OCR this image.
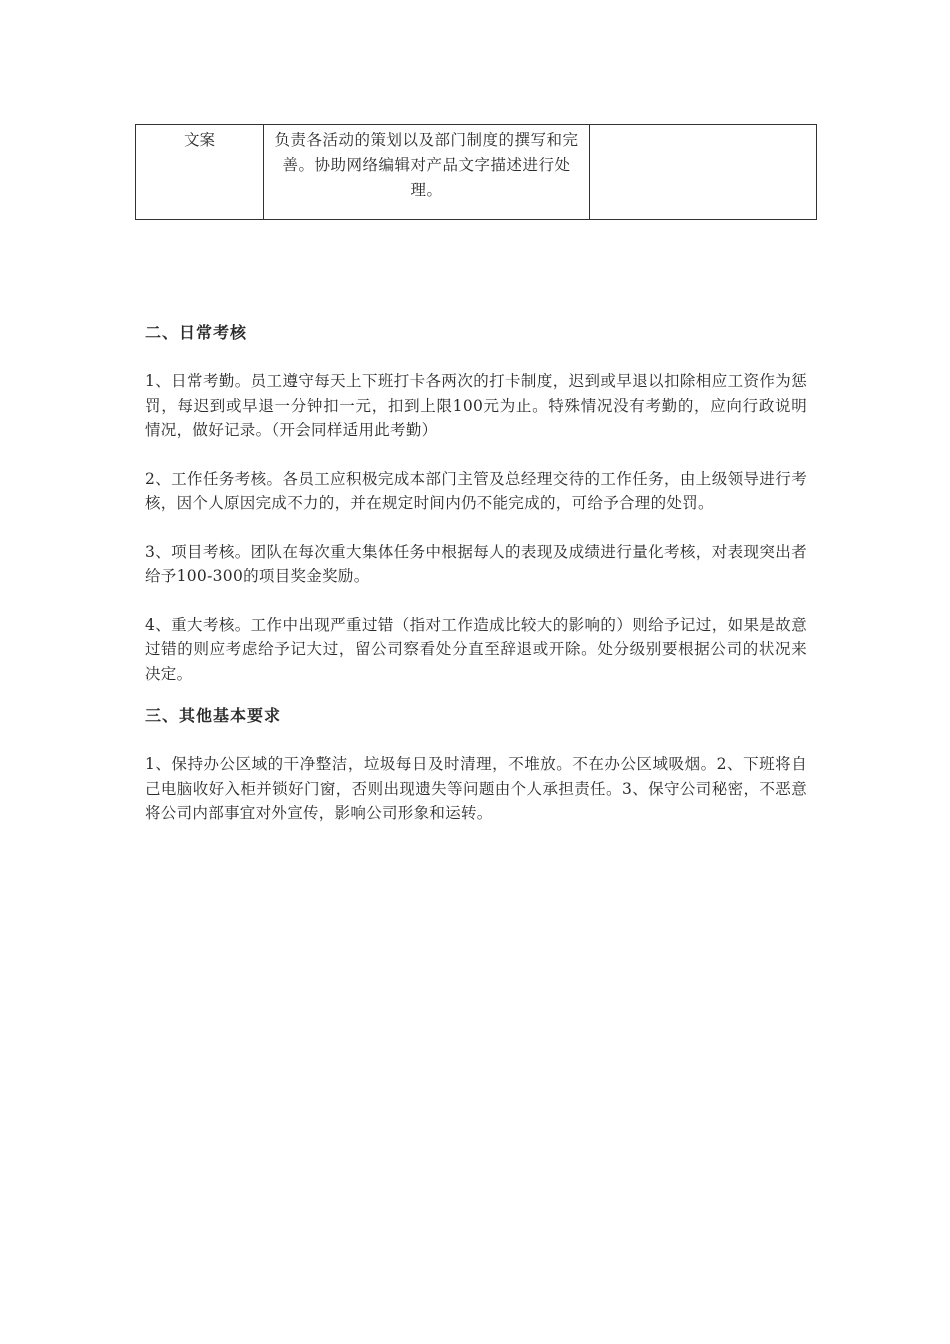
文案	负责各活动的策划以及部门制度的撰写和完善。协助网络编辑对产品文字描述进行处理。	

二、日常考核

1、日常考勤。员工遵守每天上下班打卡各两次的打卡制度，迟到或早退以扣除相应工资作为惩罚，每迟到或早退一分钟扣一元，扣到上限100元为止。特殊情况没有考勤的，应向行政说明情况，做好记录。（开会同样适用此考勤）

2、工作任务考核。各员工应积极完成本部门主管及总经理交待的工作任务，由上级领导进行考核，因个人原因完成不力的，并在规定时间内仍不能完成的，可给予合理的处罚。

3、项目考核。团队在每次重大集体任务中根据每人的表现及成绩进行量化考核，对表现突出者给予100-300的项目奖金奖励。

4、重大考核。工作中出现严重过错（指对工作造成比较大的影响的）则给予记过，如果是故意过错的则应考虑给予记大过，留公司察看处分直至辞退或开除。处分级别要根据公司的状况来决定。

三、其他基本要求

1、保持办公区域的干净整洁，垃圾每日及时清理，不堆放。不在办公区域吸烟。2、下班将自己电脑收好入柜并锁好门窗，否则出现遗失等问题由个人承担责任。3、保守公司秘密，不恶意将公司内部事宜对外宣传，影响公司形象和运转。
